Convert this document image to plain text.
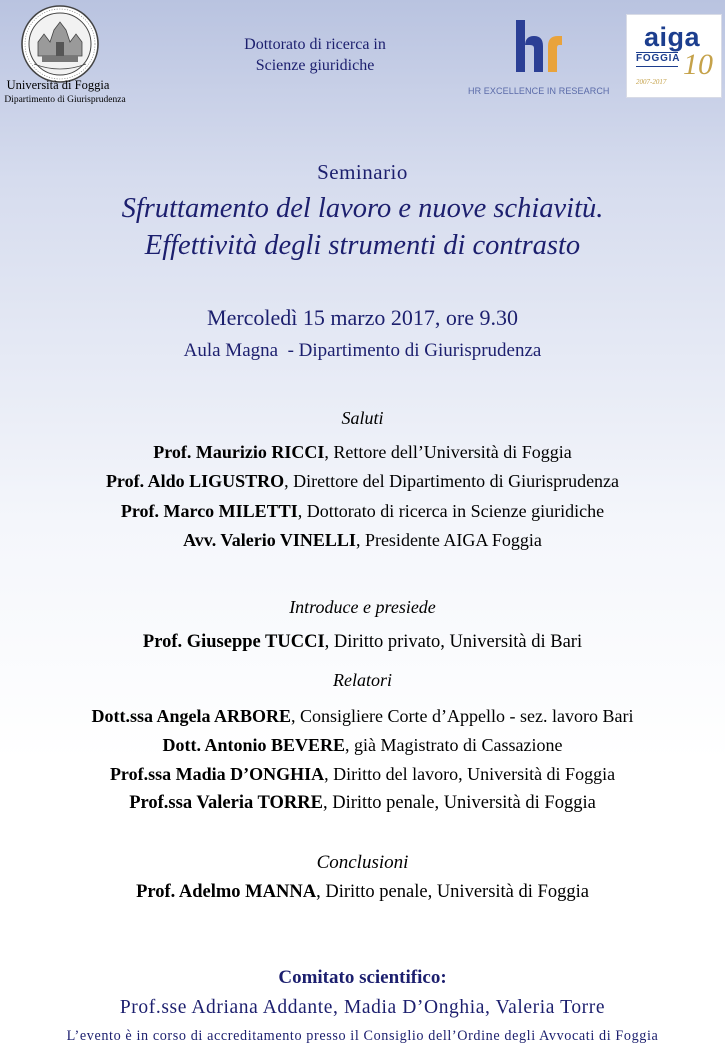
Università di Foggia
Dipartimento di Giurisprudenza
Dottorato di ricerca in
Scienze giuridiche
HR EXCELLENCE IN RESEARCH
aiga
FOGGIA 10
2007-2017
Seminario
Sfruttamento del lavoro e nuove schiavitù.
Effettività degli strumenti di contrasto
Mercoledì 15 marzo 2017, ore 9.30
Aula Magna  - Dipartimento di Giurisprudenza
Saluti
Prof. Maurizio RICCI, Rettore dell’Università di Foggia
Prof. Aldo LIGUSTRO, Direttore del Dipartimento di Giurisprudenza
Prof. Marco MILETTI, Dottorato di ricerca in Scienze giuridiche
Avv. Valerio VINELLI, Presidente AIGA Foggia
Introduce e presiede
Prof. Giuseppe TUCCI, Diritto privato, Università di Bari
Relatori
Dott.ssa Angela ARBORE, Consigliere Corte d’Appello - sez. lavoro Bari
Dott. Antonio BEVERE, già Magistrato di Cassazione
Prof.ssa Madia D’ONGHIA, Diritto del lavoro, Università di Foggia
Prof.ssa Valeria TORRE, Diritto penale, Università di Foggia
Conclusioni
Prof. Adelmo MANNA, Diritto penale, Università di Foggia
Comitato scientifico:
Prof.sse Adriana Addante, Madia D’Onghia, Valeria Torre
L’evento è in corso di accreditamento presso il Consiglio dell’Ordine degli Avvocati di Foggia
